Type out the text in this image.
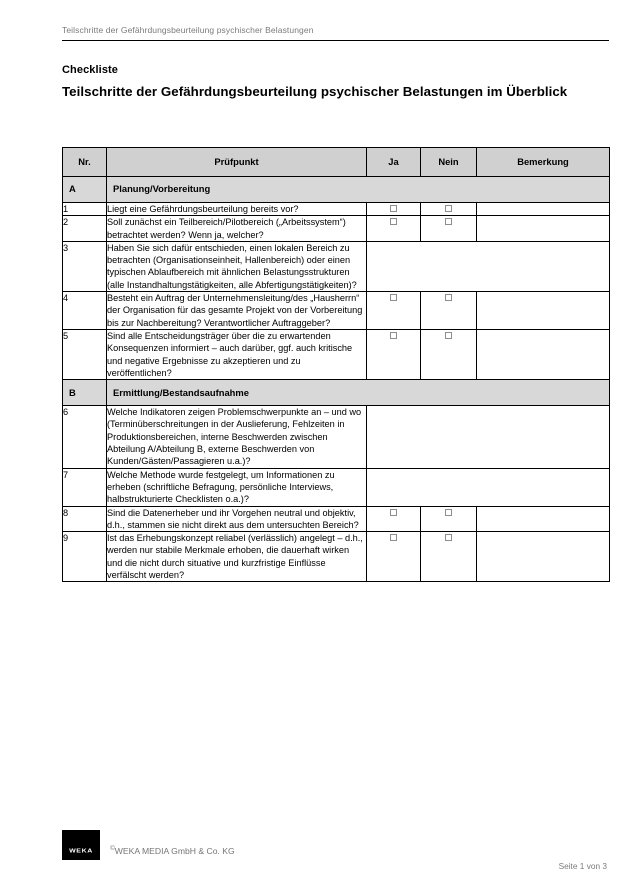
Teilschritte der Gefährdungsbeurteilung psychischer Belastungen

Checkliste

Teilschritte der Gefährdungsbeurteilung psychischer Belastungen im Überblick
Nr.	Prüfpunkt	Ja	Nein	Bemerkung
A	Planung/Vorbereitung			
1	Liegt eine Gefährdungsbeurteilung bereits vor?			
2	Soll zunächst ein Teilbereich/Pilotbereich („Arbeitssystem“) betrachtet werden? Wenn ja, welcher?			
3	Haben Sie sich dafür entschieden, einen lokalen Bereich zu betrachten (Organisationseinheit, Hallenbereich) oder einen typischen Ablaufbereich mit ähnlichen Belastungsstrukturen (alle Instandhaltungstätigkeiten, alle Abfertigungstätigkeiten)?			
4	Besteht ein Auftrag der Unternehmensleitung/des „Hausherrn“ der Organisation für das gesamte Projekt von der Vorbereitung bis zur Nachbereitung? Verantwortlicher Auftraggeber?			
5	Sind alle Entscheidungsträger über die zu erwartenden Konsequenzen informiert – auch darüber, ggf. auch kritische und negative Ergebnisse zu akzeptieren und zu veröffentlichen?			
B	Ermittlung/Bestandsaufnahme			
6	Welche Indikatoren zeigen Problemschwerpunkte an – und wo (Terminüberschreitungen in der Auslieferung, Fehlzeiten in Produktionsbereichen, interne Beschwerden zwischen Abteilung A/Abteilung B, externe Beschwerden von Kunden/Gästen/Passagieren u.a.)?			
7	Welche Methode wurde festgelegt, um Informationen zu erheben (schriftliche Befragung, persönliche Interviews, halbstrukturierte Checklisten o.a.)?			
8	Sind die Datenerheber und ihr Vorgehen neutral und objektiv, d.h., stammen sie nicht direkt aus dem untersuchten Bereich?			
9	Ist das Erhebungskonzept reliabel (verlässlich) angelegt – d.h., werden nur stabile Merkmale erhoben, die dauerhaft wirken und die nicht durch situative und kurzfristige Einflüsse verfälscht werden?			
WEKA	©WEKA MEDIA GmbH & Co. KG
Seite 1 von 3
